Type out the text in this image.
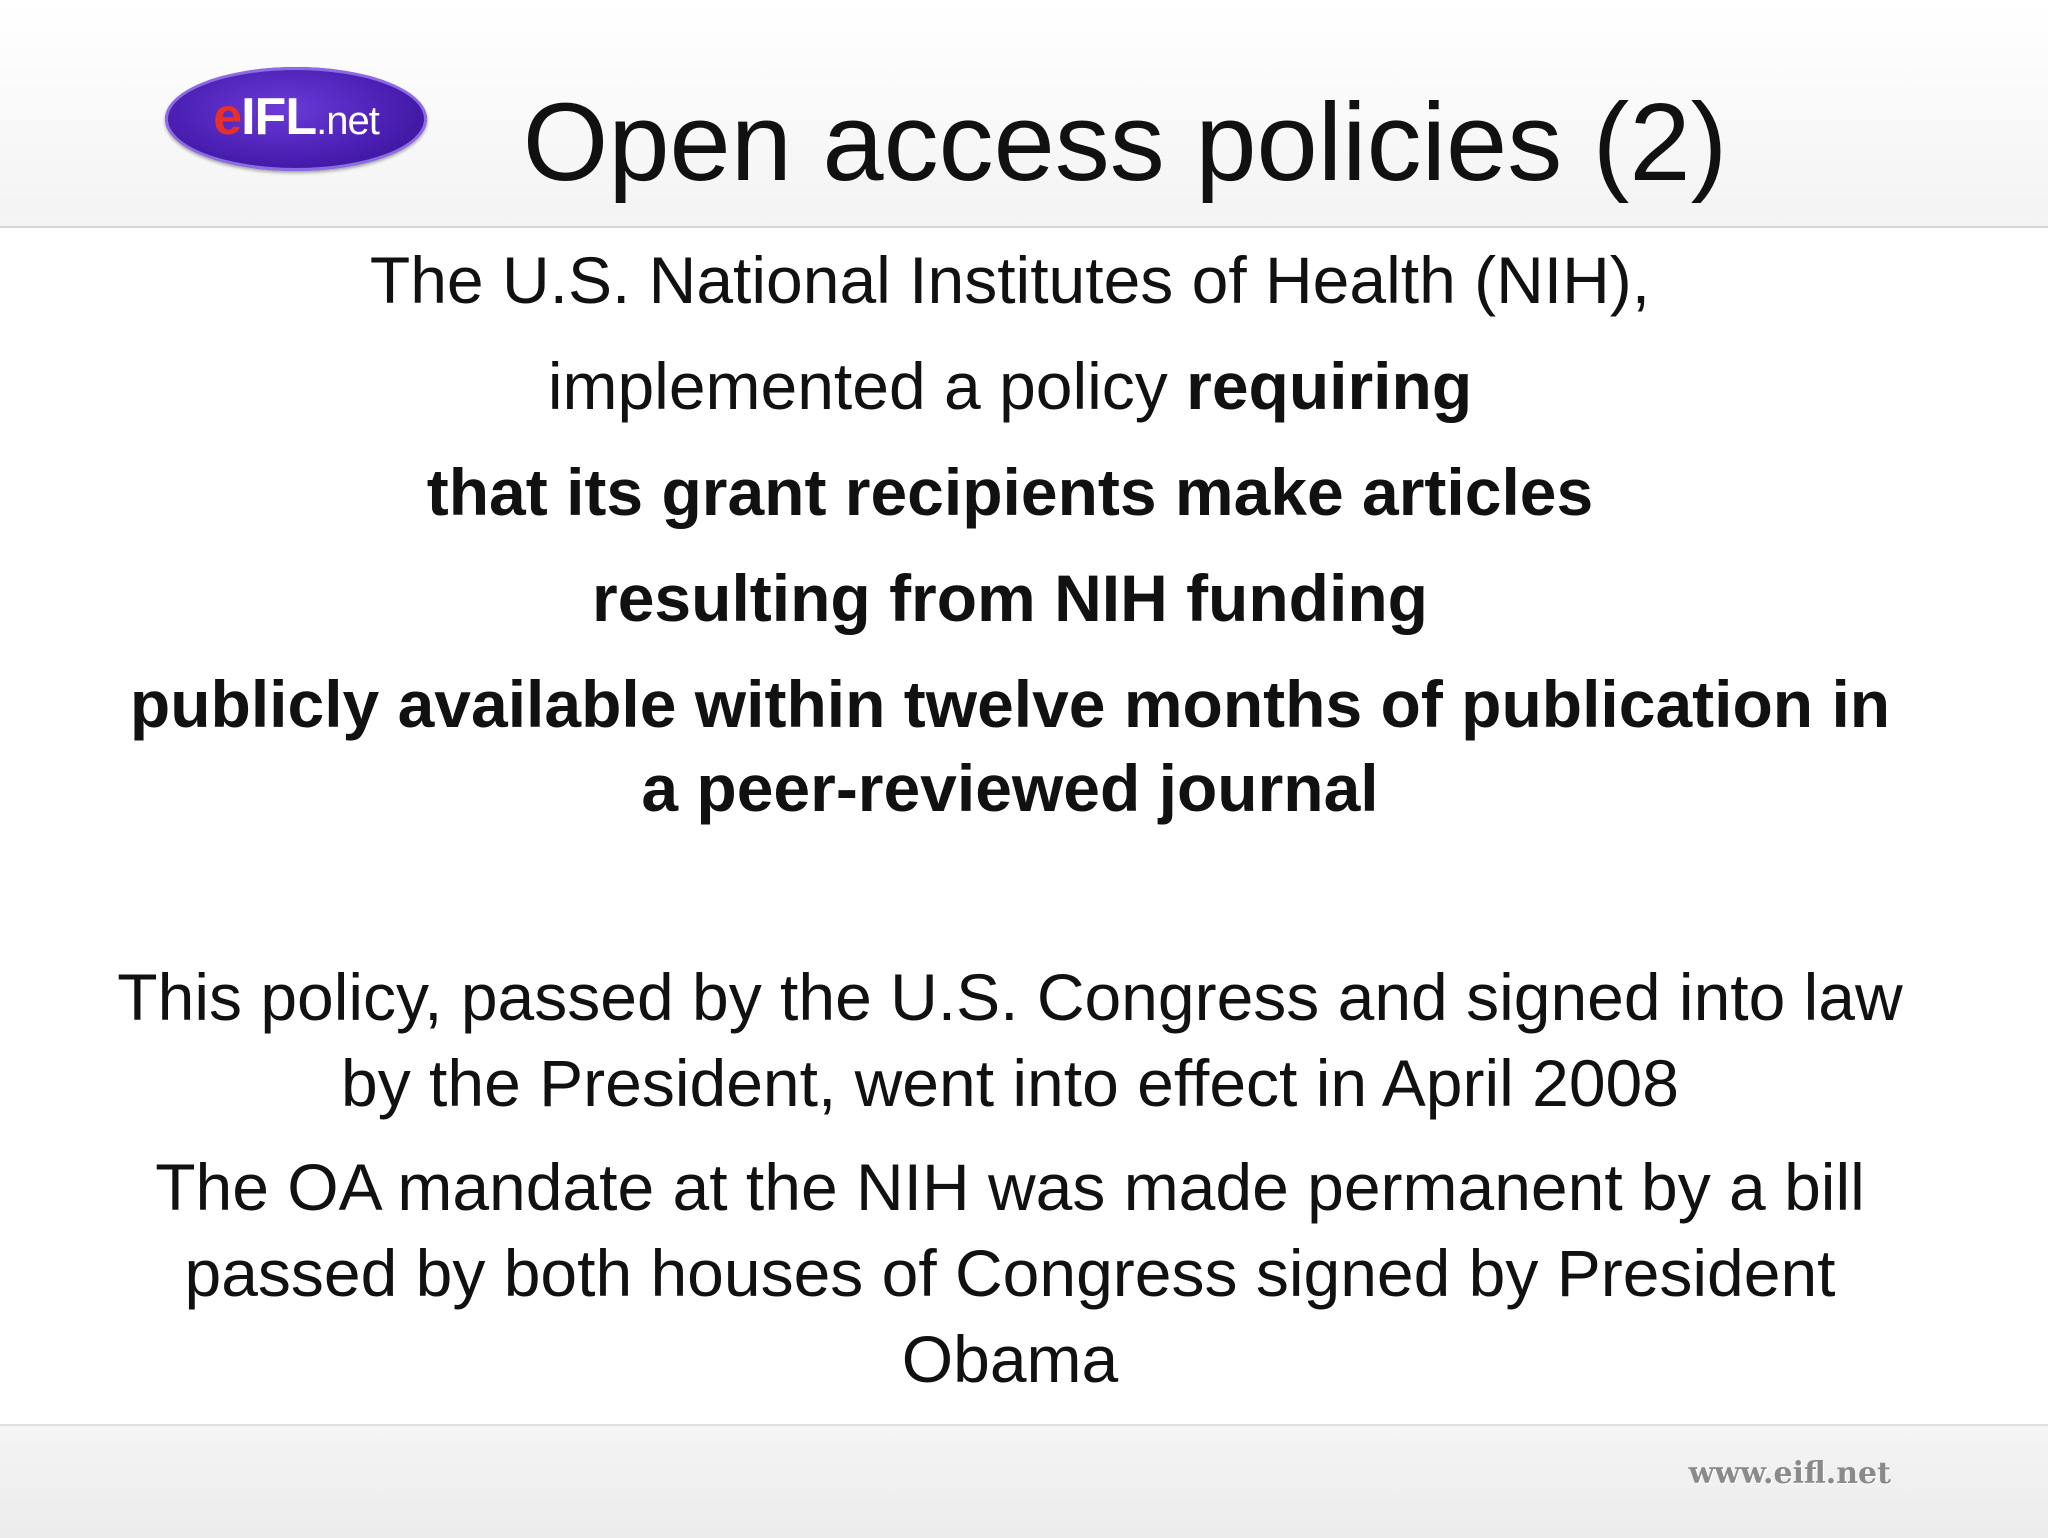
eIFL.net	Open access policies (2)

The U.S. National Institutes of Health (NIH),

implemented a policy requiring

that its grant recipients make articles

resulting from NIH funding

publicly available within twelve months of publication in a peer-reviewed journal

This policy, passed by the U.S. Congress and signed into law by the President, went into effect in April 2008

The OA mandate at the NIH was made permanent by a bill passed by both houses of Congress signed by President Obama

www.eifl.net
